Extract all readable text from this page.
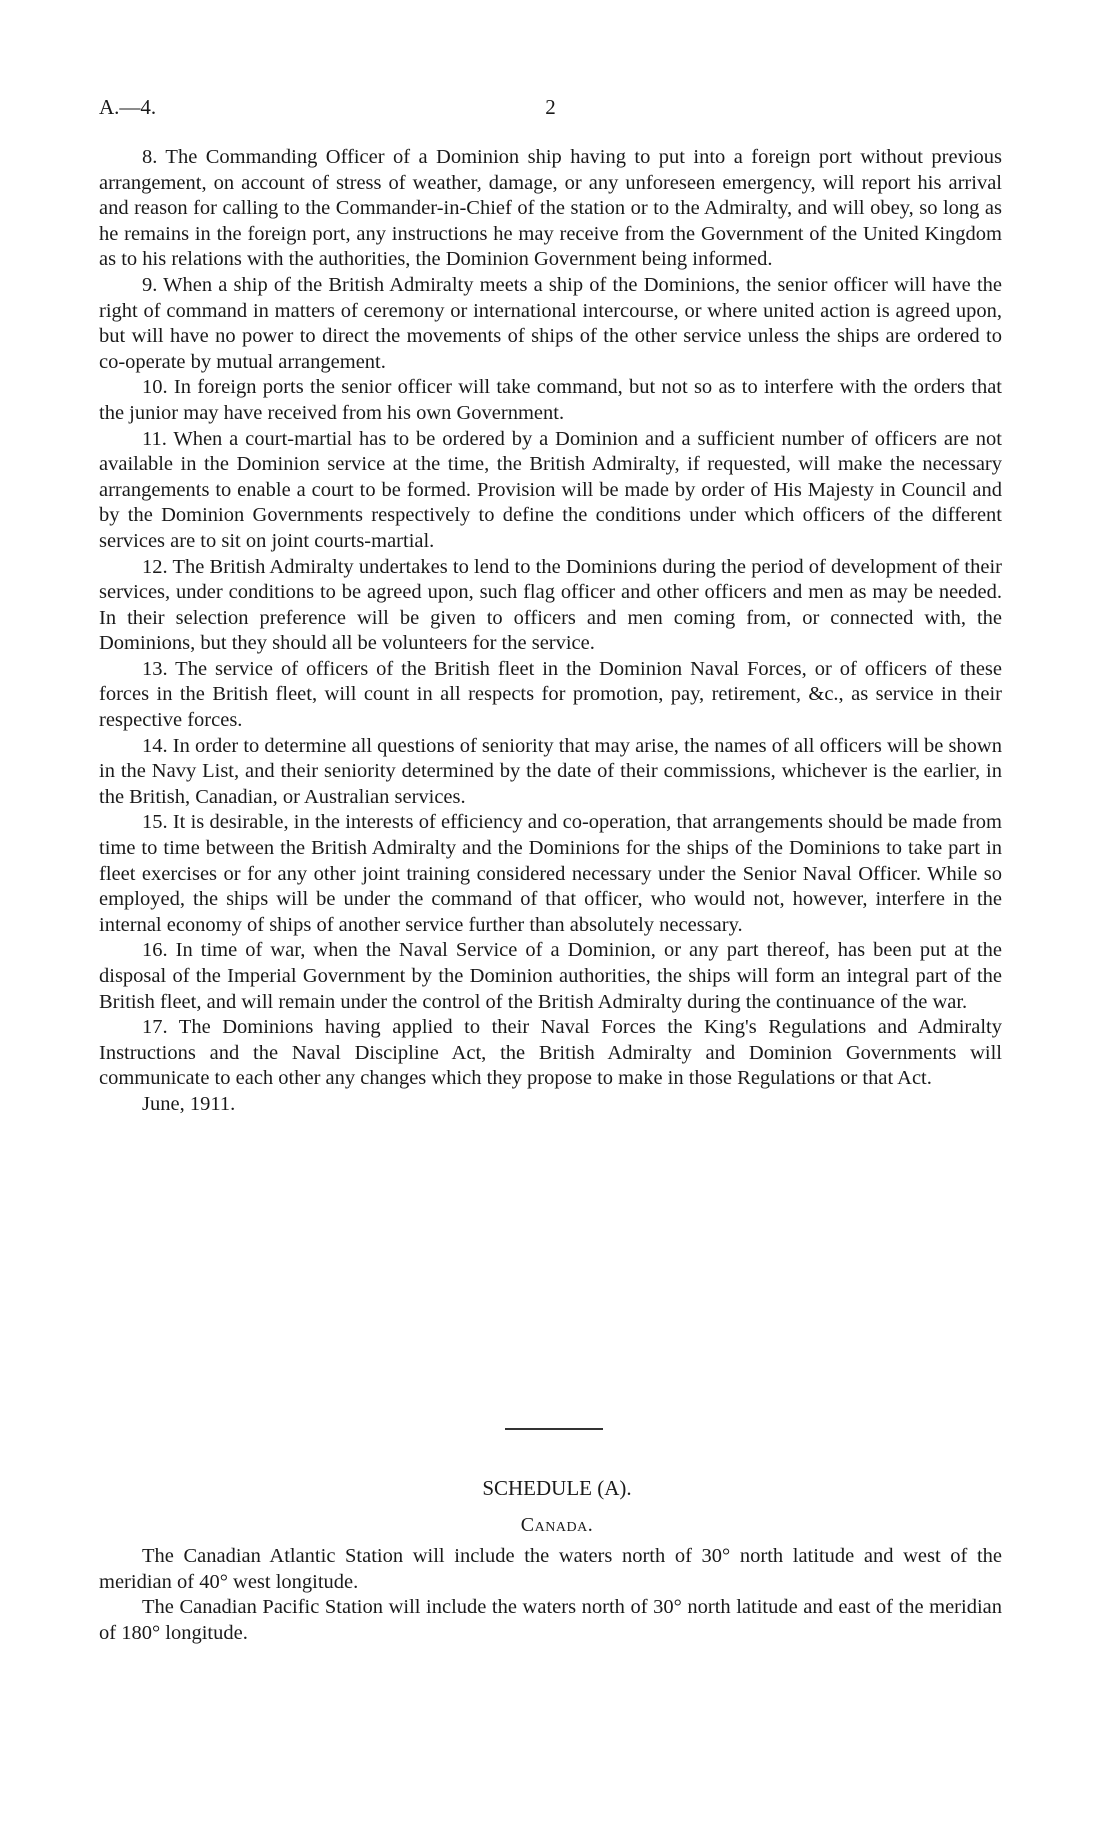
A.—4.	2

8. The Commanding Officer of a Dominion ship having to put into a foreign port without previous arrangement, on account of stress of weather, damage, or any unforeseen emergency, will report his arrival and reason for calling to the Commander-in-Chief of the station or to the Admiralty, and will obey, so long as he remains in the foreign port, any instructions he may receive from the Government of the United Kingdom as to his relations with the authorities, the Dominion Government being informed.

9. When a ship of the British Admiralty meets a ship of the Dominions, the senior officer will have the right of command in matters of ceremony or international intercourse, or where united action is agreed upon, but will have no power to direct the movements of ships of the other service unless the ships are ordered to co-operate by mutual arrangement.

10. In foreign ports the senior officer will take command, but not so as to interfere with the orders that the junior may have received from his own Government.

11. When a court-martial has to be ordered by a Dominion and a sufficient number of officers are not available in the Dominion service at the time, the British Admiralty, if requested, will make the necessary arrangements to enable a court to be formed. Provision will be made by order of His Majesty in Council and by the Dominion Governments respectively to define the conditions under which officers of the different services are to sit on joint courts-martial.

12. The British Admiralty undertakes to lend to the Dominions during the period of development of their services, under conditions to be agreed upon, such flag officer and other officers and men as may be needed. In their selection preference will be given to officers and men coming from, or connected with, the Dominions, but they should all be volunteers for the service.

13. The service of officers of the British fleet in the Dominion Naval Forces, or of officers of these forces in the British fleet, will count in all respects for promotion, pay, retirement, &c., as service in their respective forces.

14. In order to determine all questions of seniority that may arise, the names of all officers will be shown in the Navy List, and their seniority determined by the date of their commissions, whichever is the earlier, in the British, Canadian, or Australian services.

15. It is desirable, in the interests of efficiency and co-operation, that arrangements should be made from time to time between the British Admiralty and the Dominions for the ships of the Dominions to take part in fleet exercises or for any other joint training considered necessary under the Senior Naval Officer. While so employed, the ships will be under the command of that officer, who would not, however, interfere in the internal economy of ships of another service further than absolutely necessary.

16. In time of war, when the Naval Service of a Dominion, or any part thereof, has been put at the disposal of the Imperial Government by the Dominion authorities, the ships will form an integral part of the British fleet, and will remain under the control of the British Admiralty during the continuance of the war.

17. The Dominions having applied to their Naval Forces the King's Regulations and Admiralty Instructions and the Naval Discipline Act, the British Admiralty and Dominion Governments will communicate to each other any changes which they propose to make in those Regulations or that Act.

June, 1911.

SCHEDULE (A).
Canada.

The Canadian Atlantic Station will include the waters north of 30° north latitude and west of the meridian of 40° west longitude.

The Canadian Pacific Station will include the waters north of 30° north latitude and east of the meridian of 180° longitude.
